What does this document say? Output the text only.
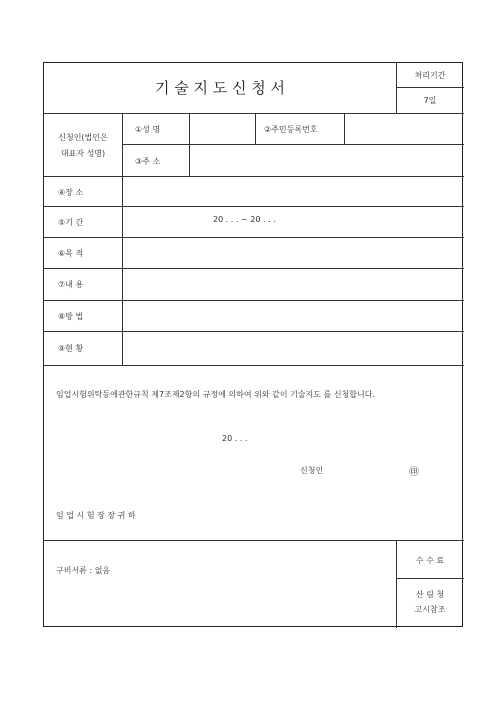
기 술 지 도 신 청 서
처리기간
7일
신청인(법인은
대표자 성명)
①성 명	②주민등록번호
③주 소
④장 소
⑤기 간	20 . . . ~ 20 . . .
⑥목 적
⑦내 용
⑧방 법
⑨현 황
임업시험위탁등에관한규칙 제7조제2항의 규정에 의하여 위와 같이 기술지도 를 신청합니다.
20 . . .
신청인	㊞
임 업 시 험 장 장 귀 하
구비서류 : 없음
수 수 료
산 림 청
고시참조
